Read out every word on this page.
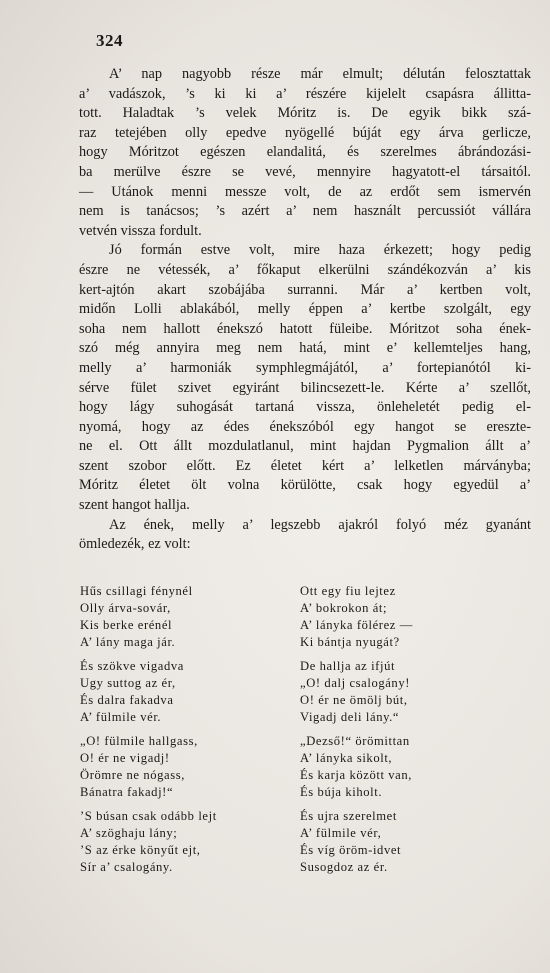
324

A’ nap nagyobb része már elmult; délután felosztattak
a’ vadászok, ’s ki ki a’ részére kijelelt csapásra állitta-
tott. Haladtak ’s velek Móritz is. De egyik bikk szá-
raz tetejében olly epedve nyögellé búját egy árva gerlicze,
hogy Móritzot egészen elandalitá, és szerelmes ábrándozási-
ba merülve észre se vevé, mennyire hagyatott-el társaitól.
— Utánok menni messze volt, de az erdőt sem ismervén
nem is tanácsos; ’s azért a’ nem használt percussiót vállára
vetvén vissza fordult.

Jó formán estve volt, mire haza érkezett; hogy pedig
észre ne vétessék, a’ főkaput elkerülni szándékozván a’ kis
kert-ajtón akart szobájába surranni. Már a’ kertben volt,
midőn Lolli ablakából, melly éppen a’ kertbe szolgált, egy
soha nem hallott énekszó hatott füleibe. Móritzot soha ének-
szó még annyira meg nem hatá, mint e’ kellemteljes hang,
melly a’ harmoniák symphlegmájától, a’ fortepianótól ki-
sérve fület szivet egyiránt bilincsezett-le. Kérte a’ szellőt,
hogy lágy suhogását tartaná vissza, önleheletét pedig el-
nyomá, hogy az édes énekszóból egy hangot se ereszte-
ne el. Ott állt mozdulatlanul, mint hajdan Pygmalion állt a’
szent szobor előtt. Ez életet kért a’ lelketlen márványba;
Móritz életet ölt volna körülötte, csak hogy egyedül a’
szent hangot hallja.

Az ének, melly a’ legszebb ajakról folyó méz gyanánt
ömledezék, ez volt:

Hűs csillagi fénynél
Olly árva-sovár,
Kis berke erénél
A’ lány maga jár.
Ott egy fiu lejtez
A’ bokrokon át;
A’ lányka fölérez —
Ki bántja nyugát?
És szökve vigadva
Ugy suttog az ér,
És dalra fakadva
A’ fülmile vér.
De hallja az ifjút
„O! dalj csalogány!
O! ér ne ömölj bút,
Vigadj deli lány.“
„O! fülmile hallgass,
O! ér ne vigadj!
Örömre ne nógass,
Bánatra fakadj!“
„Dezső!“ örömittan
A’ lányka sikolt,
És karja között van,
És búja kiholt.
’S búsan csak odább lejt
A’ szöghaju lány;
’S az érke könyűt ejt,
Sír a’ csalogány.
És ujra szerelmet
A’ fülmile vér,
És víg öröm-idvet
Susogdoz az ér.
